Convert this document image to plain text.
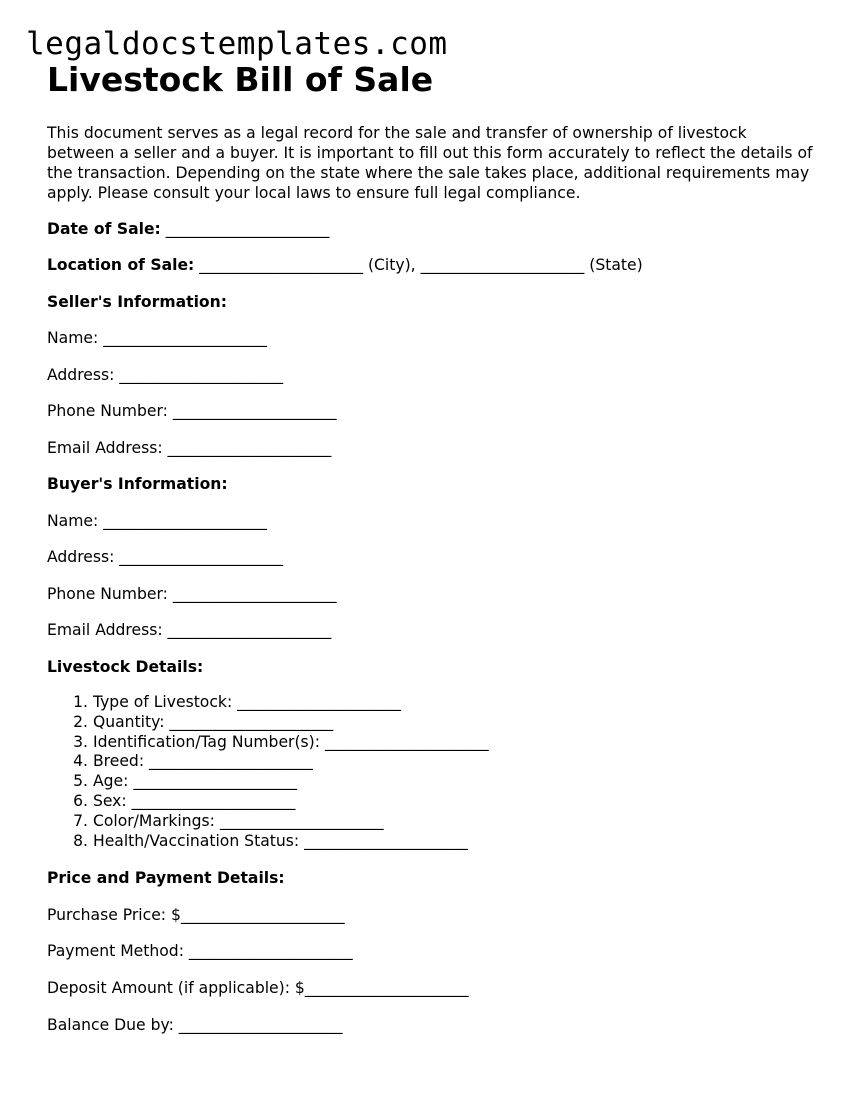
legaldocstemplates.com
Livestock Bill of Sale

This document serves as a legal record for the sale and transfer of ownership of livestock between a seller and a buyer. It is important to fill out this form accurately to reflect the details of the transaction. Depending on the state where the sale takes place, additional requirements may apply. Please consult your local laws to ensure full legal compliance.

Date of Sale: _____________________

Location of Sale: _____________________ (City), _____________________ (State)

Seller's Information:

Name: _____________________

Address: _____________________

Phone Number: _____________________

Email Address: _____________________

Buyer's Information:

Name: _____________________

Address: _____________________

Phone Number: _____________________

Email Address: _____________________

Livestock Details:

1. Type of Livestock: _____________________
2. Quantity: _____________________
3. Identification/Tag Number(s): _____________________
4. Breed: _____________________
5. Age: _____________________
6. Sex: _____________________
7. Color/Markings: _____________________
8. Health/Vaccination Status: _____________________

Price and Payment Details:

Purchase Price: $_____________________

Payment Method: _____________________

Deposit Amount (if applicable): $_____________________

Balance Due by: _____________________
